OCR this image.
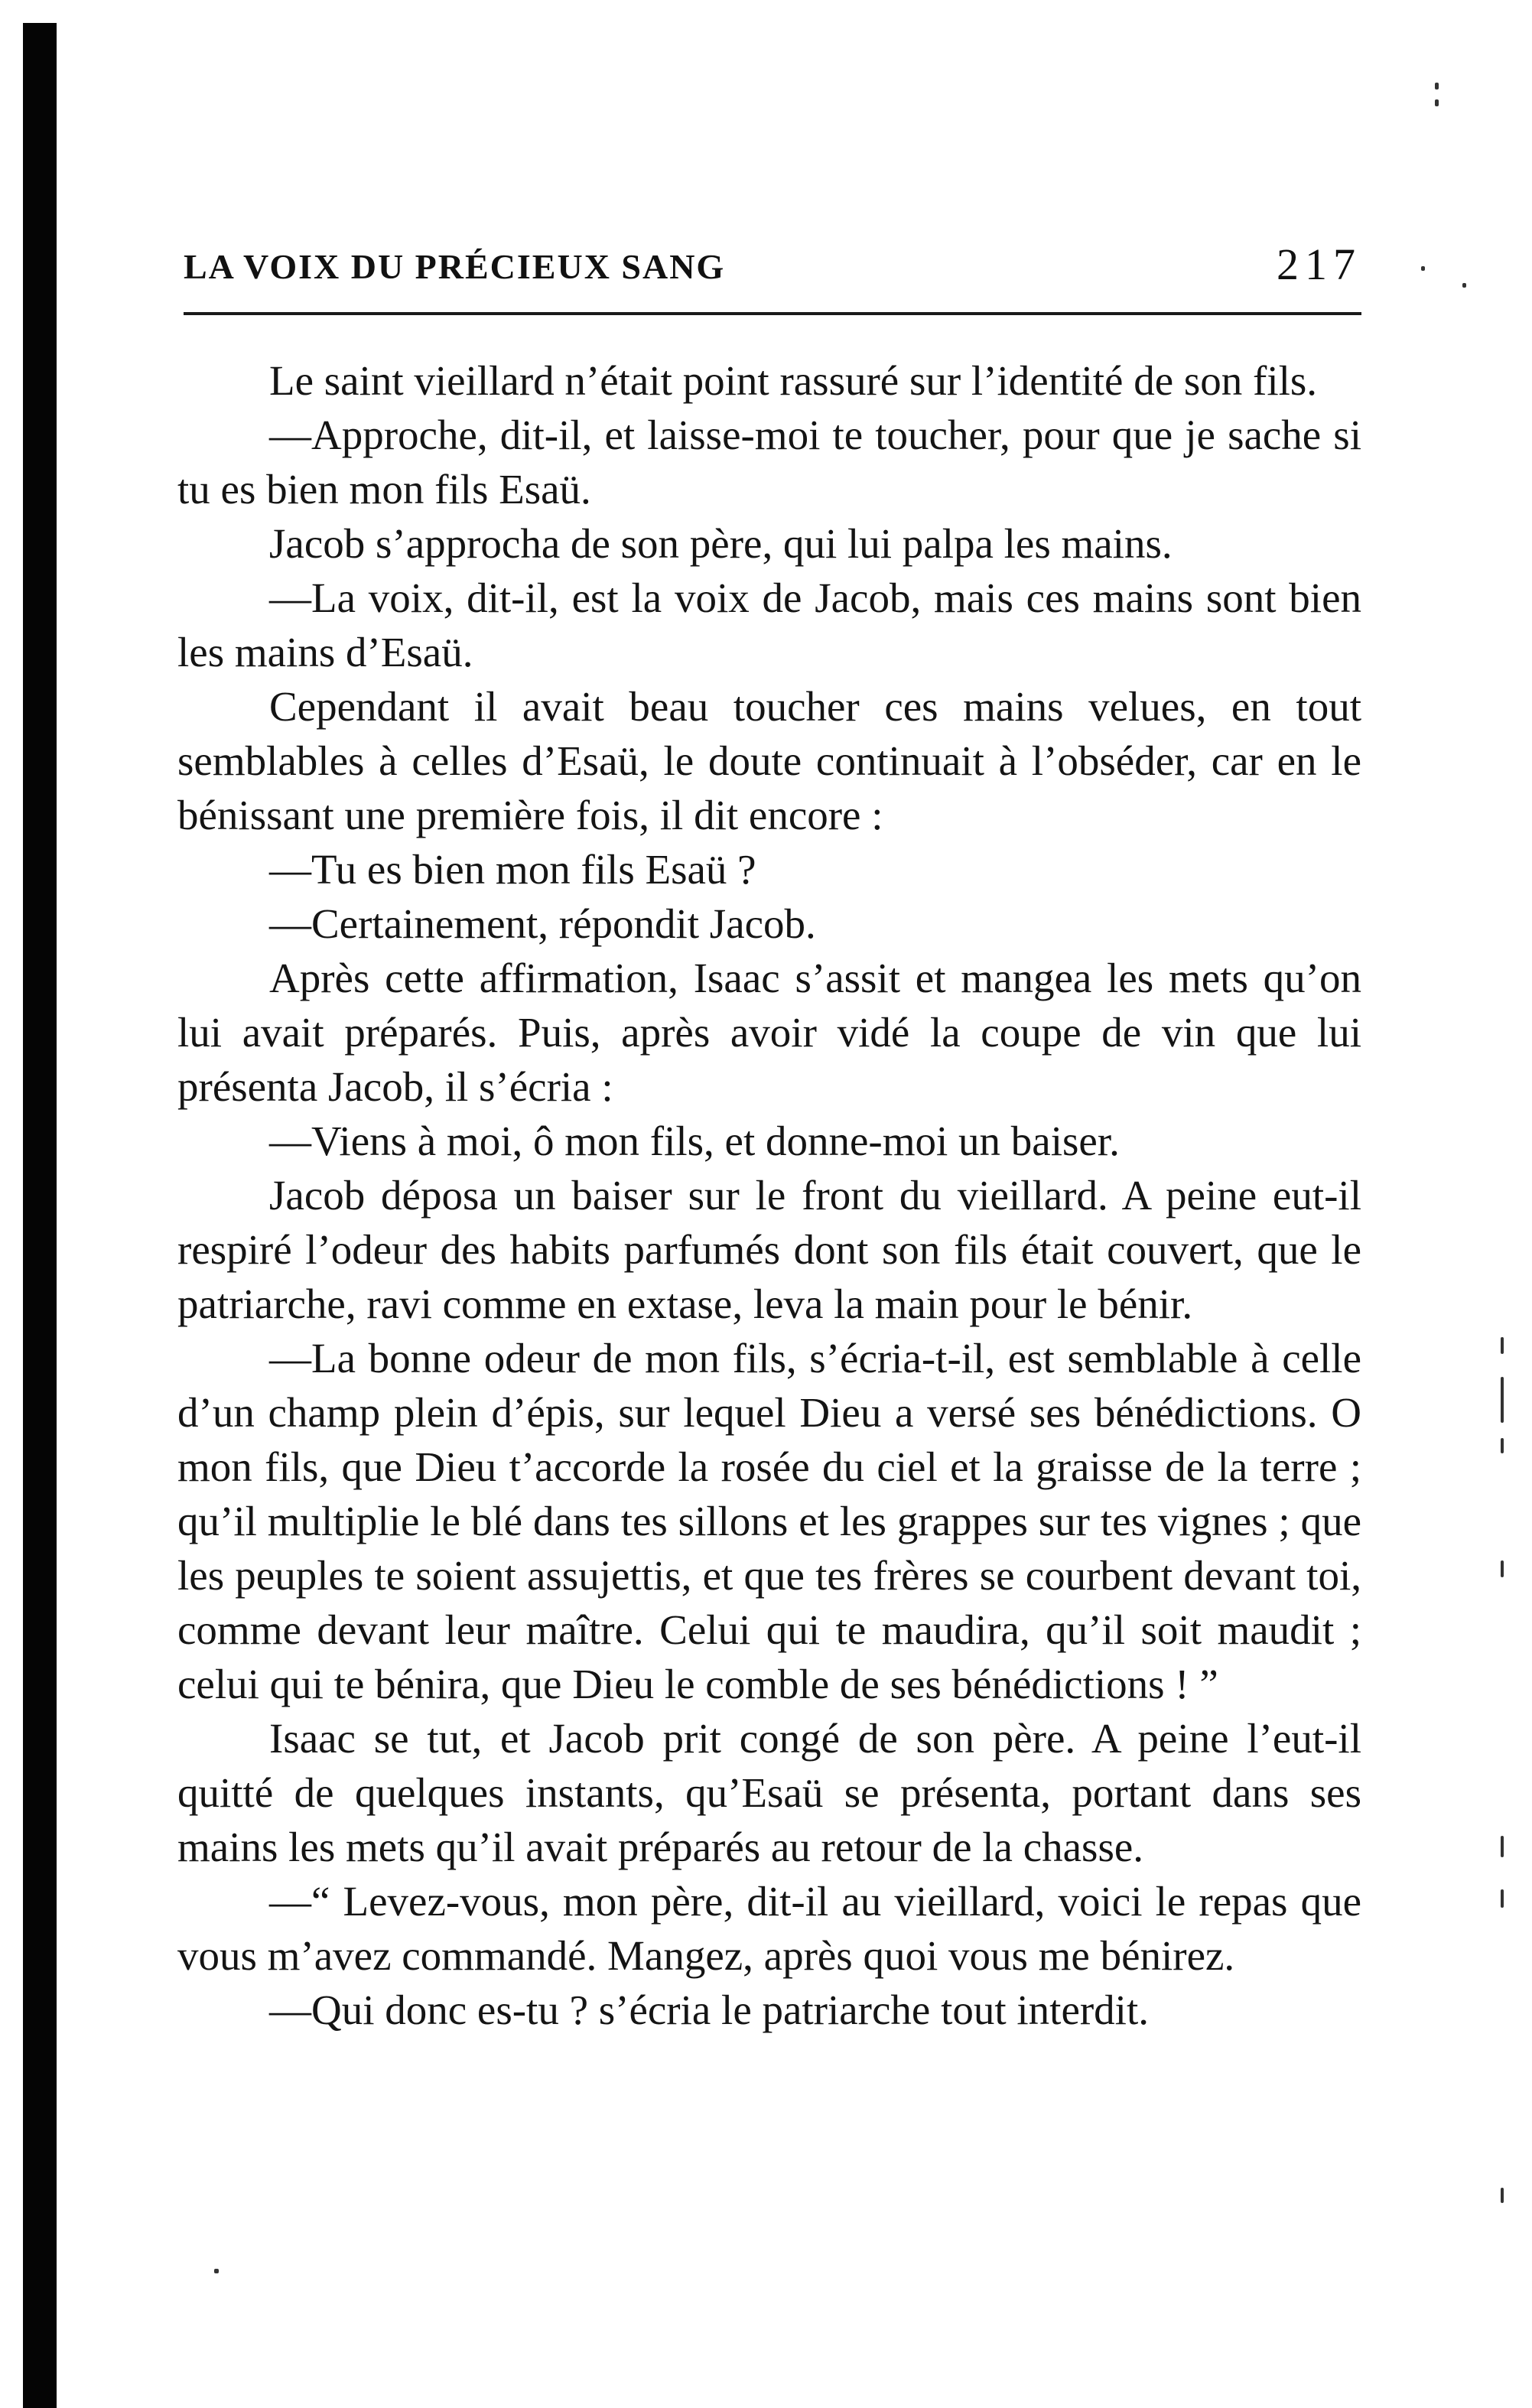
LA VOIX DU PRÉCIEUX SANG	217

Le saint vieillard n’était point rassuré sur l’identité de son fils.

—Approche, dit-il, et laisse-moi te toucher, pour que je sache si tu es bien mon fils Esaü.

Jacob s’approcha de son père, qui lui palpa les mains.

—La voix, dit-il, est la voix de Jacob, mais ces mains sont bien les mains d’Esaü.

Cependant il avait beau toucher ces mains velues, en tout semblables à celles d’Esaü, le doute continuait à l’obséder, car en le bénissant une première fois, il dit encore :

—Tu es bien mon fils Esaü ?

—Certainement, répondit Jacob.

Après cette affirmation, Isaac s’assit et mangea les mets qu’on lui avait préparés. Puis, après avoir vidé la coupe de vin que lui présenta Jacob, il s’écria :

—Viens à moi, ô mon fils, et donne-moi un baiser.

Jacob déposa un baiser sur le front du vieillard. A peine eut-il respiré l’odeur des habits parfumés dont son fils était couvert, que le patriarche, ravi comme en extase, leva la main pour le bénir.

—La bonne odeur de mon fils, s’écria-t-il, est semblable à celle d’un champ plein d’épis, sur lequel Dieu a versé ses bénédictions. O mon fils, que Dieu t’accorde la rosée du ciel et la graisse de la terre ; qu’il multiplie le blé dans tes sillons et les grappes sur tes vignes ; que les peuples te soient assujettis, et que tes frères se courbent devant toi, comme devant leur maître. Celui qui te maudira, qu’il soit maudit ; celui qui te bénira, que Dieu le comble de ses bénédictions ! ”

Isaac se tut, et Jacob prit congé de son père. A peine l’eut-il quitté de quelques instants, qu’Esaü se présenta, portant dans ses mains les mets qu’il avait préparés au retour de la chasse.

—“ Levez-vous, mon père, dit-il au vieillard, voici le repas que vous m’avez commandé. Mangez, après quoi vous me bénirez.

—Qui donc es-tu ? s’écria le patriarche tout interdit.
